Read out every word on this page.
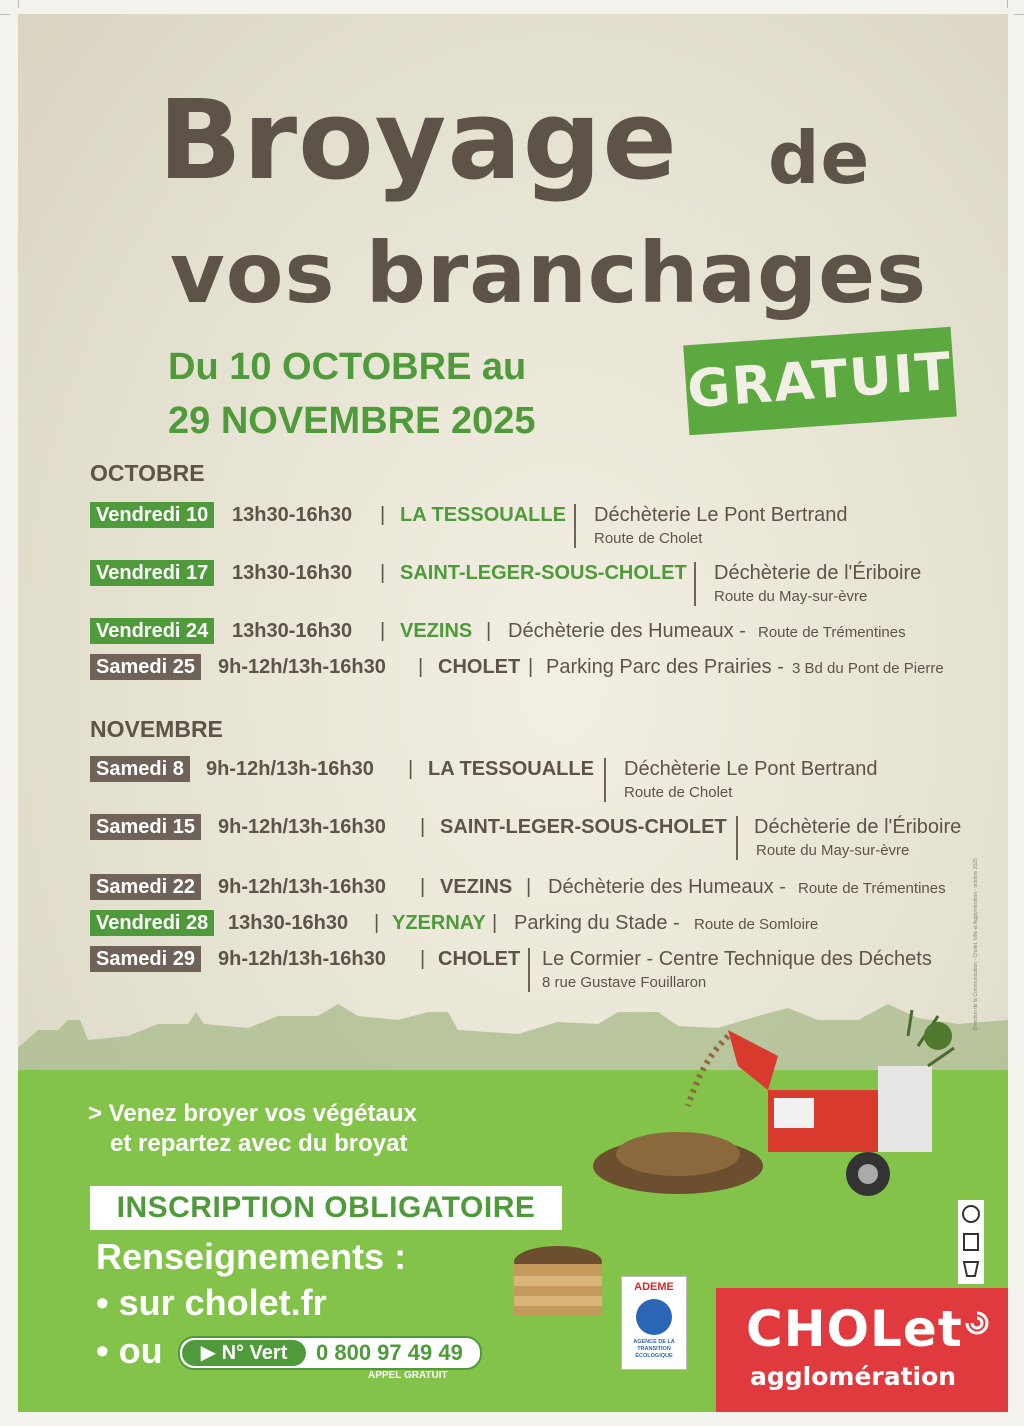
Broyage de
vos branchages
Du 10 OCTOBRE au
29 NOVEMBRE 2025
GRATUIT
OCTOBRE
Vendredi 10	13h30-16h30 | LA TESSOUALLE Déchèterie Le Pont Bertrand
Route de Cholet
Vendredi 17	13h30-16h30 | SAINT-LEGER-SOUS-CHOLET Déchèterie de l'Ériboire
Route du May-sur-èvre
Vendredi 24	13h30-16h30 | VEZINS | Déchèterie des Humeaux - Route de Trémentines
Samedi 25	9h-12h/13h-16h30 | CHOLET | Parking Parc des Prairies - 3 Bd du Pont de Pierre
NOVEMBRE
Samedi 8	9h-12h/13h-16h30 | LA TESSOUALLE Déchèterie Le Pont Bertrand
Route de Cholet
Samedi 15	9h-12h/13h-16h30 | SAINT-LEGER-SOUS-CHOLET Déchèterie de l'Ériboire
Route du May-sur-èvre
Samedi 22	9h-12h/13h-16h30 | VEZINS | Déchèterie des Humeaux - Route de Trémentines
Vendredi 28 13h30-16h30 | YZERNAY | Parking du Stade - Route de Somloire
Samedi 29	9h-12h/13h-16h30 | CHOLET Le Cormier - Centre Technique des Déchets
8 rue Gustave Fouillaron
> Venez broyer vos végétaux
et repartez avec du broyat
INSCRIPTION OBLIGATOIRE
Renseignements :
• sur cholet.fr
• ou	▶ N° Vert	0 800 97 49 49
APPEL GRATUIT
ADEME
AGENCE DE LA TRANSITION ÉCOLOGIQUE CHOLet
agglomération
Direction de la Communication - Cholet, Ville et Agglomération - octobre 2025
